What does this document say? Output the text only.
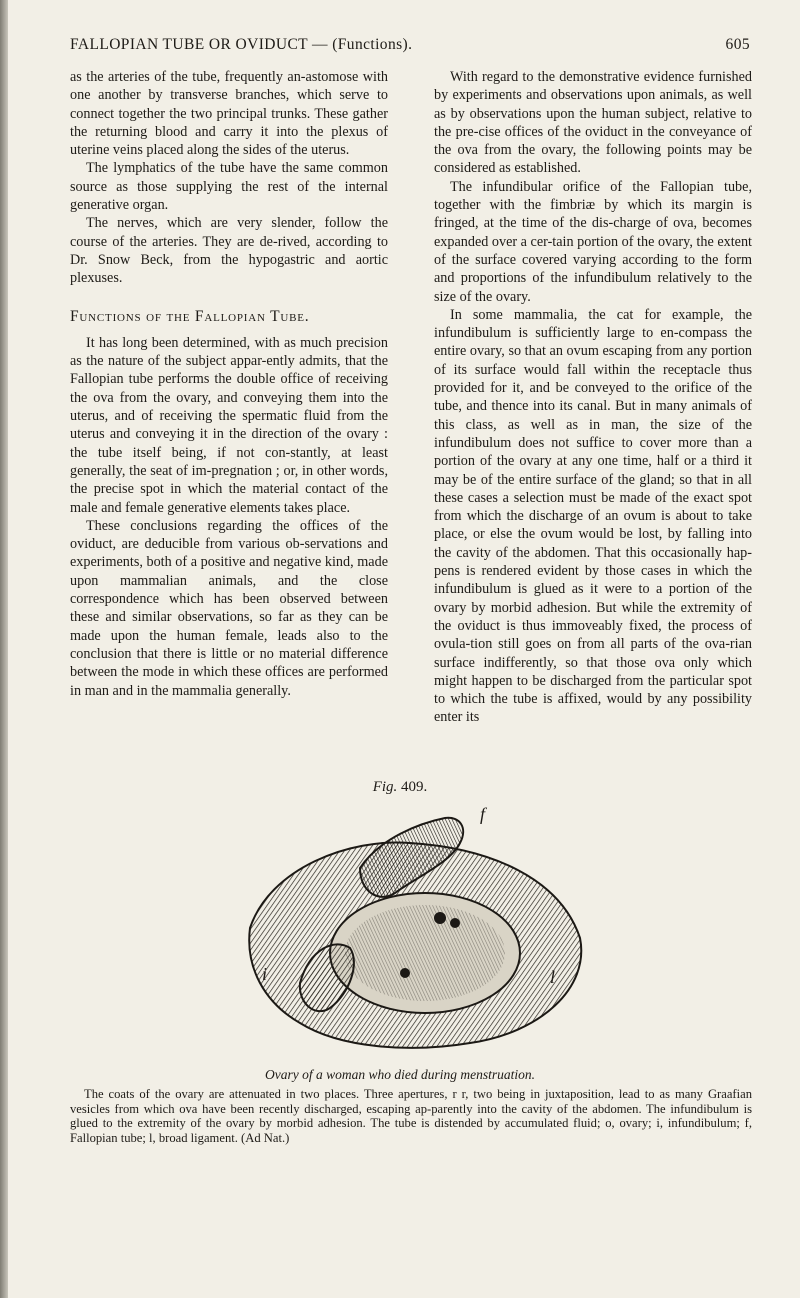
FALLOPIAN TUBE OR OVIDUCT — (Functions).	605

as the arteries of the tube, frequently an-astomose with one another by transverse branches, which serve to connect together the two principal trunks. These gather the returning blood and carry it into the plexus of uterine veins placed along the sides of the uterus.

The lymphatics of the tube have the same common source as those supplying the rest of the internal generative organ.

The nerves, which are very slender, follow the course of the arteries. They are de-rived, according to Dr. Snow Beck, from the hypogastric and aortic plexuses.

Functions of the Fallopian Tube.

It has long been determined, with as much precision as the nature of the subject appar-ently admits, that the Fallopian tube performs the double office of receiving the ova from the ovary, and conveying them into the uterus, and of receiving the spermatic fluid from the uterus and conveying it in the direction of the ovary : the tube itself being, if not con-stantly, at least generally, the seat of im-pregnation ; or, in other words, the precise spot in which the material contact of the male and female generative elements takes place.

These conclusions regarding the offices of the oviduct, are deducible from various ob-servations and experiments, both of a positive and negative kind, made upon mammalian animals, and the close correspondence which has been observed between these and similar observations, so far as they can be made upon the human female, leads also to the conclusion that there is little or no material difference between the mode in which these offices are performed in man and in the mammalia generally.

With regard to the demonstrative evidence furnished by experiments and observations upon animals, as well as by observations upon the human subject, relative to the pre-cise offices of the oviduct in the conveyance of the ova from the ovary, the following points may be considered as established.

The infundibular orifice of the Fallopian tube, together with the fimbriæ by which its margin is fringed, at the time of the dis-charge of ova, becomes expanded over a cer-tain portion of the ovary, the extent of the surface covered varying according to the form and proportions of the infundibulum relatively to the size of the ovary.

In some mammalia, the cat for example, the infundibulum is sufficiently large to en-compass the entire ovary, so that an ovum escaping from any portion of its surface would fall within the receptacle thus provided for it, and be conveyed to the orifice of the tube, and thence into its canal. But in many animals of this class, as well as in man, the size of the infundibulum does not suffice to cover more than a portion of the ovary at any one time, half or a third it may be of the entire surface of the gland; so that in all these cases a selection must be made of the exact spot from which the discharge of an ovum is about to take place, or else the ovum would be lost, by falling into the cavity of the abdomen. That this occasionally hap-pens is rendered evident by those cases in which the infundibulum is glued as it were to a portion of the ovary by morbid adhesion. But while the extremity of the oviduct is thus immoveably fixed, the process of ovula-tion still goes on from all parts of the ova-rian surface indifferently, so that those ova only which might happen to be discharged from the particular spot to which the tube is affixed, would by any possibility enter its

Fig. 409.
f
i	l
Ovary of a woman who died during menstruation.

The coats of the ovary are attenuated in two places. Three apertures, r r, two being in juxtaposition, lead to as many Graafian vesicles from which ova have been recently discharged, escaping ap-parently into the cavity of the abdomen. The infundibulum is glued to the extremity of the ovary by morbid adhesion. The tube is distended by accumulated fluid; o, ovary; i, infundibulum; f, Fallopian tube; l, broad ligament. (Ad Nat.)
